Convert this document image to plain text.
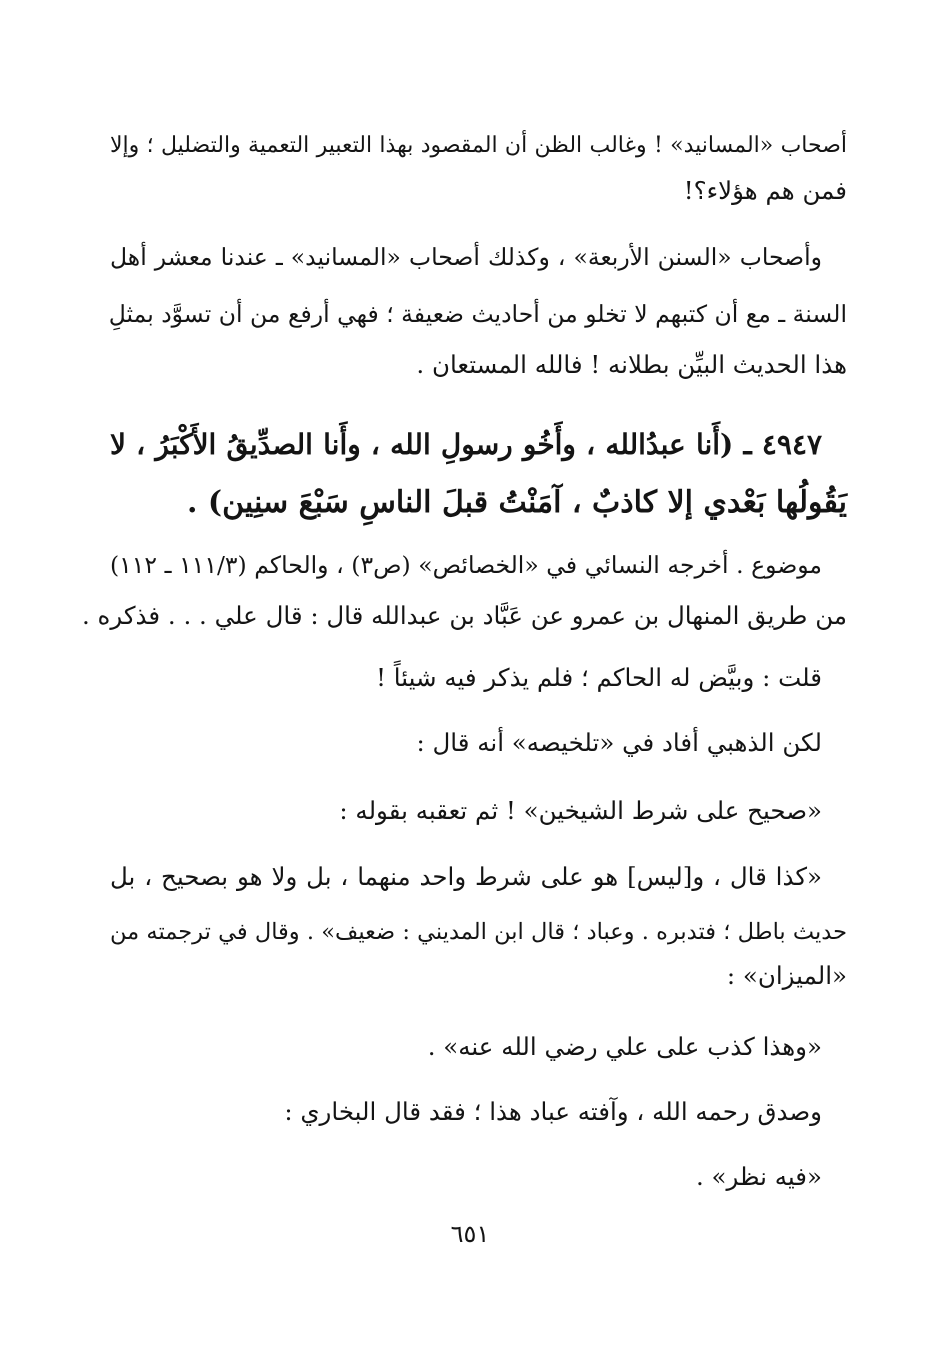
أصحاب «المسانيد» ! وغالب الظن أن المقصود بهذا التعبير التعمية والتضليل ؛ وإلا
فمن هم هؤلاء؟!
وأصحاب «السنن الأربعة» ، وكذلك أصحاب «المسانيد» ـ عندنا معشر أهل
السنة ـ مع أن كتبهم لا تخلو من أحاديث ضعيفة ؛ فهي أرفع من أن تسوَّد بمثلِ
هذا الحديث البيِّن بطلانه ! فالله المستعان .
٤٩٤٧ ـ (أَنا عبدُالله ، وأَخُو رسولِ الله ، وأَنا الصدِّيقُ الأَكْبَرُ ، لا
يَقُولُها بَعْدي إلا كاذبٌ ، آمَنْتُ قبلَ الناسِ سَبْعَ سنِين) .
موضوع . أخرجه النسائي في «الخصائص» (ص٣) ، والحاكم (١١١/٣ ـ ١١٢)
من طريق المنهال بن عمرو عن عَبَّاد بن عبدالله قال : قال علي . . . فذكره .
قلت : وبيَّض له الحاكم ؛ فلم يذكر فيه شيئاً !
لكن الذهبي أفاد في «تلخيصه» أنه قال :
«صحيح على شرط الشيخين» ! ثم تعقبه بقوله :
«كذا قال ، و[ليس] هو على شرط واحد منهما ، بل ولا هو بصحيح ، بل
حديث باطل ؛ فتدبره . وعباد ؛ قال ابن المديني : ضعيف» . وقال في ترجمته من
«الميزان» :
«وهذا كذب على علي رضي الله عنه» .
وصدق رحمه الله ، وآفته عباد هذا ؛ فقد قال البخاري :
«فيه نظر» .
٦٥١
